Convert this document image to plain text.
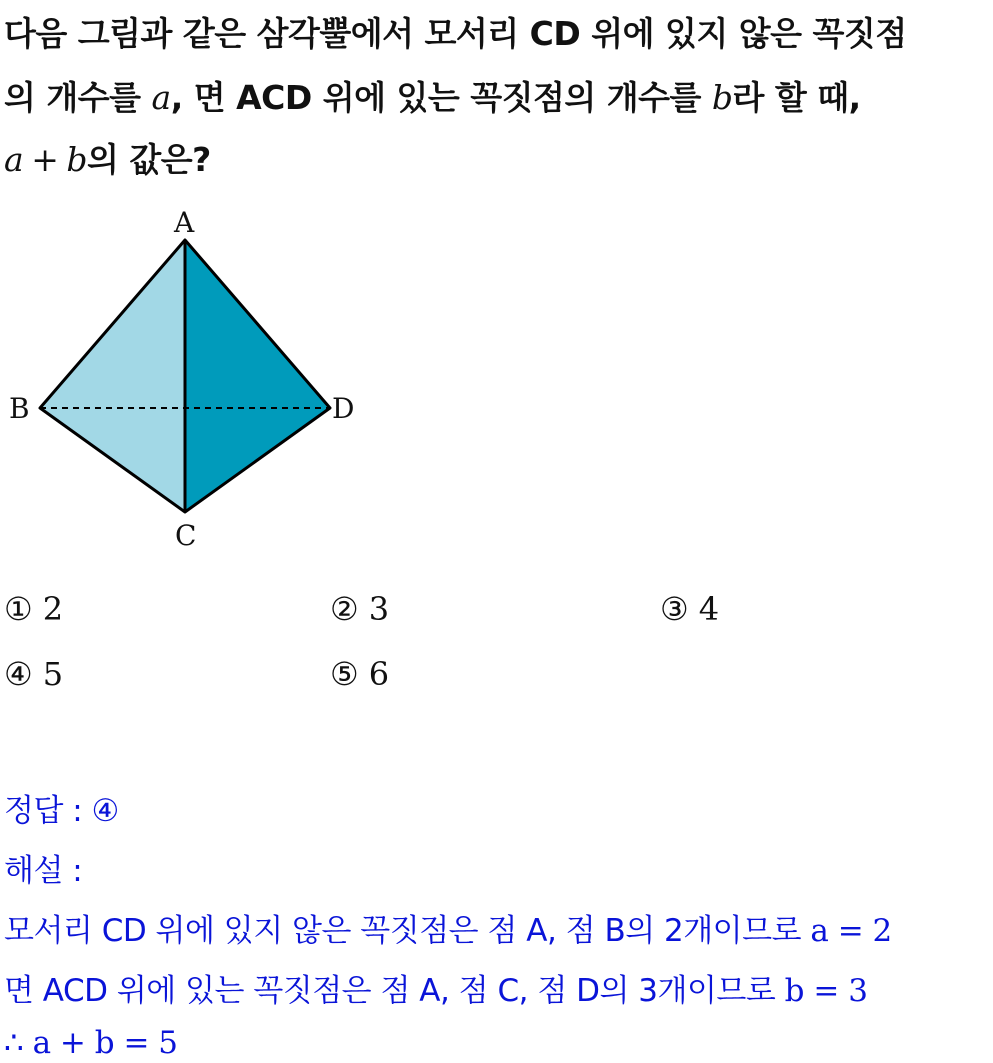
다음 그림과 같은 삼각뿔에서 모서리 CD 위에 있지 않은 꼭짓점
의 개수를 a, 면 ACD 위에 있는 꼭짓점의 개수를 b라 할 때,
a + b의 값은?
A
B
C
D
① 2	② 3	③ 4
④ 5	⑤ 6
정답 : ④
해설 :
모서리 CD 위에 있지 않은 꼭짓점은 점 A, 점 B의 2개이므로 a = 2
면 ACD 위에 있는 꼭짓점은 점 A, 점 C, 점 D의 3개이므로 b = 3
∴ a + b = 5
